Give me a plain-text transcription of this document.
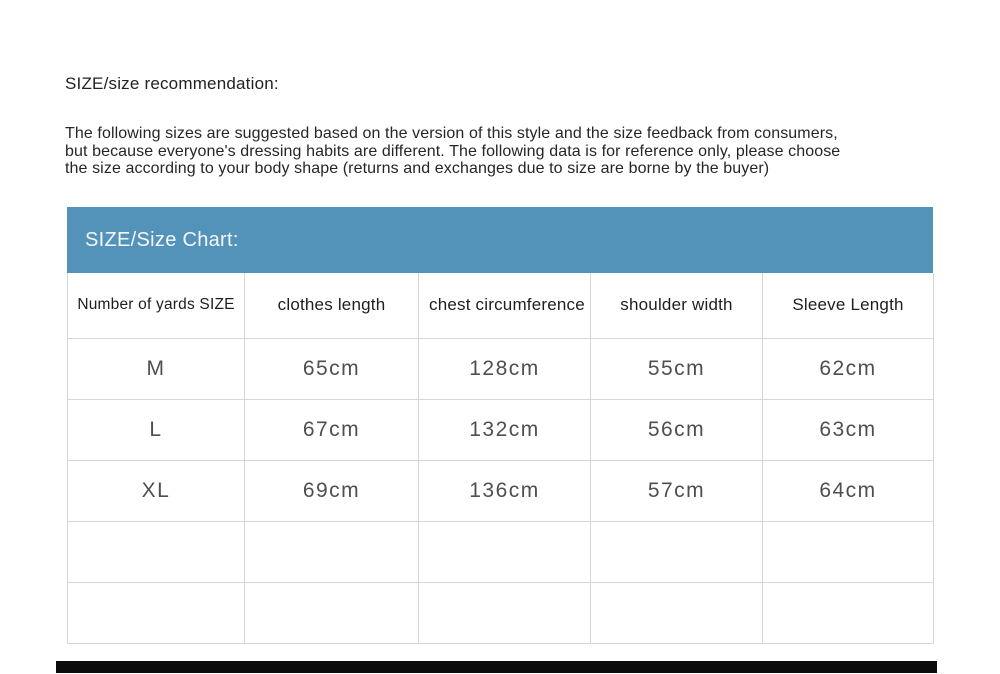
SIZE/size recommendation:
The following sizes are suggested based on the version of this style and the size feedback from consumers,
but because everyone's dressing habits are different. The following data is for reference only, please choose
the size according to your body shape (returns and exchanges due to size are borne by the buyer)
SIZE/Size Chart:
Number of yards SIZE	clothes length	chest circumference	shoulder width	Sleeve Length
M	65cm	128cm	55cm	62cm
L	67cm	132cm	56cm	63cm
XL	69cm	136cm	57cm	64cm
